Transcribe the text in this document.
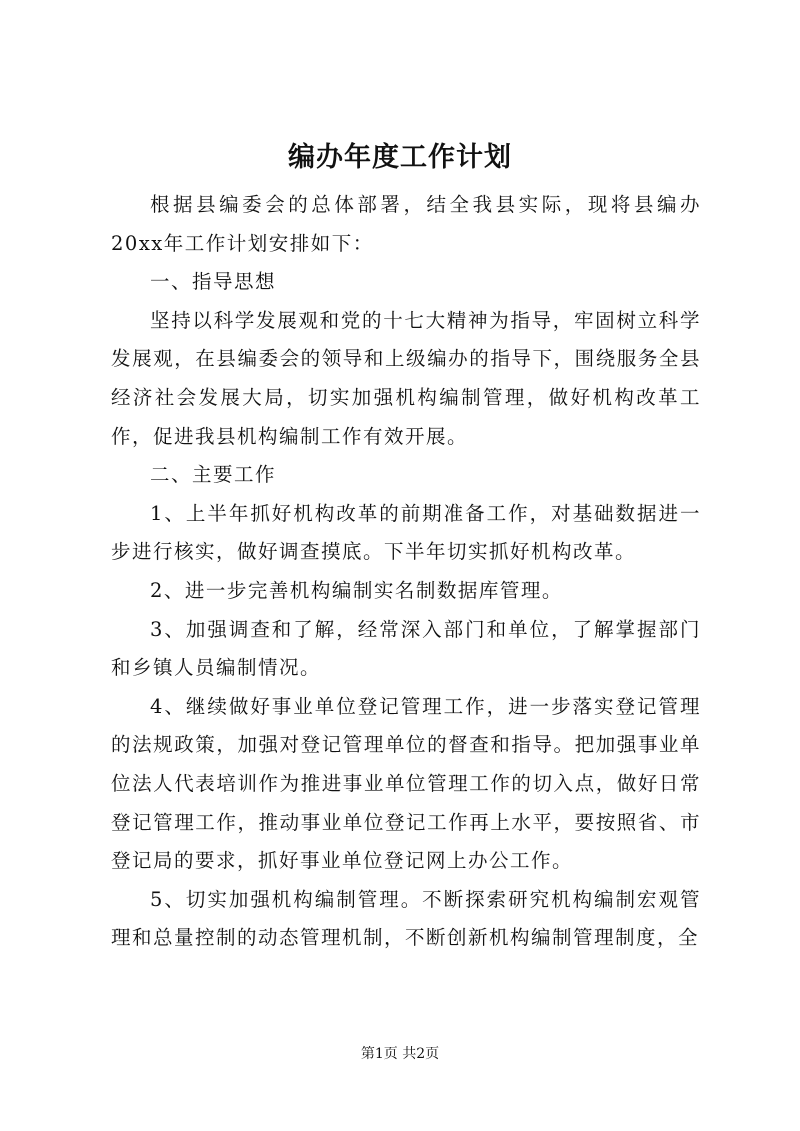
编办年度工作计划

根据县编委会的总体部署，结全我县实际，现将县编办20xx年工作计划安排如下：

一、指导思想

坚持以科学发展观和党的十七大精神为指导，牢固树立科学发展观，在县编委会的领导和上级编办的指导下，围绕服务全县经济社会发展大局，切实加强机构编制管理，做好机构改革工作，促进我县机构编制工作有效开展。

二、主要工作

1、上半年抓好机构改革的前期准备工作，对基础数据进一步进行核实，做好调查摸底。下半年切实抓好机构改革。

2、进一步完善机构编制实名制数据库管理。

3、加强调查和了解，经常深入部门和单位，了解掌握部门和乡镇人员编制情况。

4、继续做好事业单位登记管理工作，进一步落实登记管理的法规政策，加强对登记管理单位的督查和指导。把加强事业单位法人代表培训作为推进事业单位管理工作的切入点，做好日常登记管理工作，推动事业单位登记工作再上水平，要按照省、市登记局的要求，抓好事业单位登记网上办公工作。

5、切实加强机构编制管理。不断探索研究机构编制宏观管理和总量控制的动态管理机制，不断创新机构编制管理制度，全

第1页 共2页
